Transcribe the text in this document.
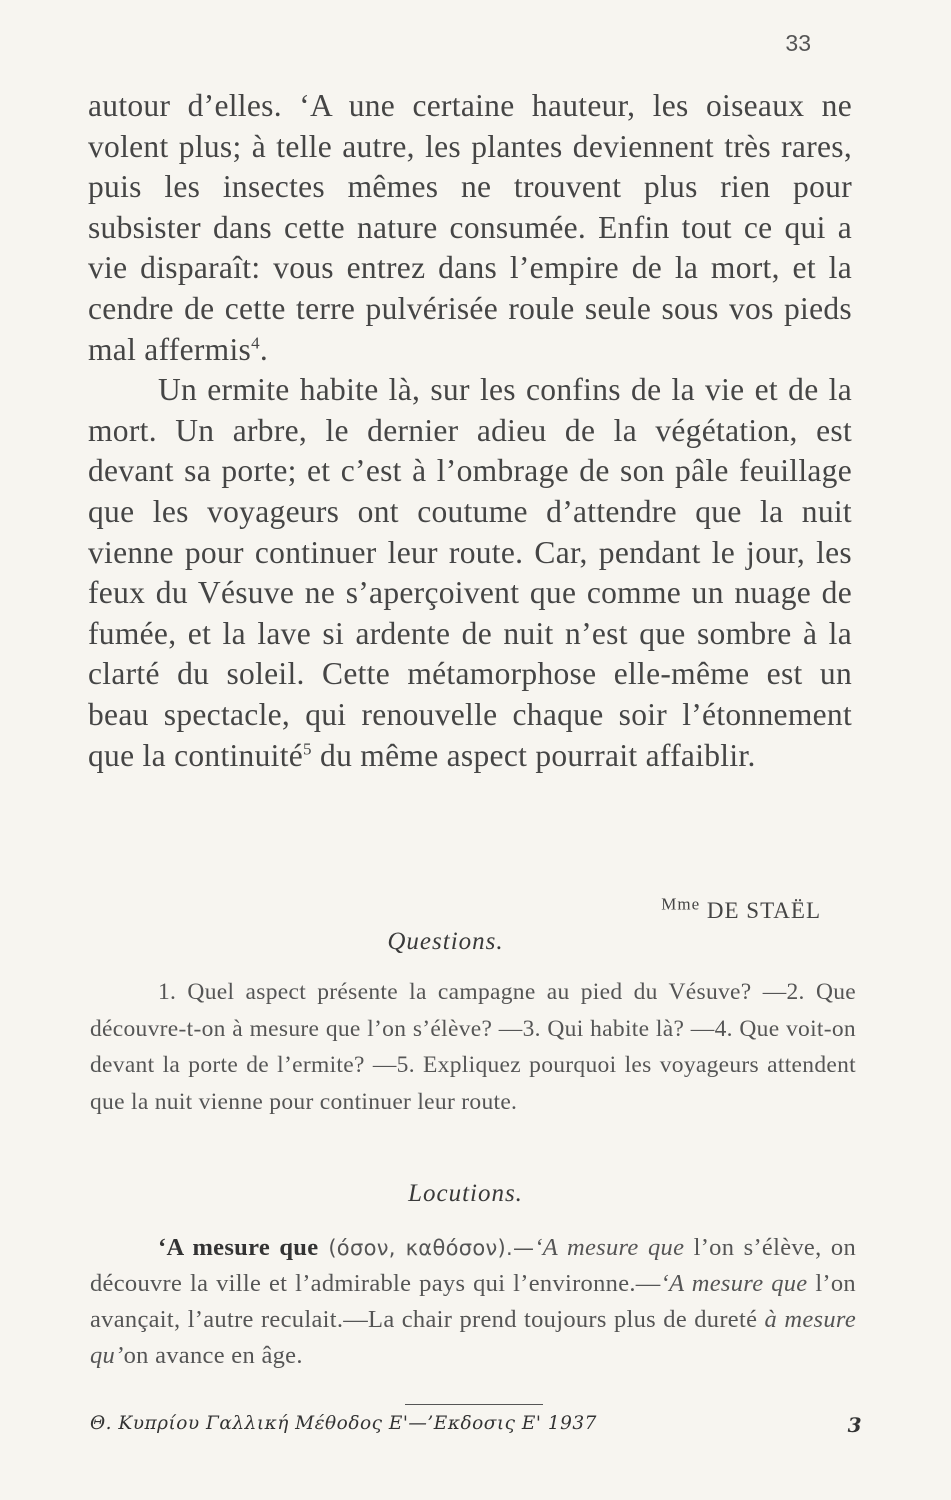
33

autour d’elles. ‘A une certaine hauteur, les oiseaux ne volent plus; à telle autre, les plantes deviennent très rares, puis les insectes mêmes ne trouvent plus rien pour subsister dans cette nature consumée. Enfin tout ce qui a vie disparaît: vous entrez dans l’empire de la mort, et la cendre de cette terre pulvérisée roule seule sous vos pieds mal affermis$^4$.

Un ermite habite là, sur les confins de la vie et de la mort. Un arbre, le dernier adieu de la végétation, est devant sa porte; et c’est à l’ombrage de son pâle feuillage que les voyageurs ont coutume d’attendre que la nuit vienne pour continuer leur route. Car, pendant le jour, les feux du Vésuve ne s’aperçoivent que comme un nuage de fumée, et la lave si ardente de nuit n’est que sombre à la clarté du soleil. Cette métamorphose elle-même est un beau spectacle, qui renouvelle chaque soir l’étonnement que la continuité$^5$ du même aspect pourrait affaiblir.

$^{Mme}$ DE STAËL
Questions.

1. Quel aspect présente la campagne au pied du Vésuve? —2. Que découvre-t-on à mesure que l’on s’élève? —3. Qui habite là? —4. Que voit-on devant la porte de l’ermite? —5. Expliquez pourquoi les voyageurs attendent que la nuit vienne pour continuer leur route.

Locutions.

‘A mesure que (όσον, καθόσον).—‘A mesure que l’on s’élève, on découvre la ville et l’admirable pays qui l’environne.—‘A mesure que l’on avançait, l’autre reculait.—La chair prend toujours plus de dureté à mesure qu’on avance en âge.

Θ. Κυπρίου Γαλλική Μέθοδος Ε'—’Εκδοσις Ε' 1937	3
